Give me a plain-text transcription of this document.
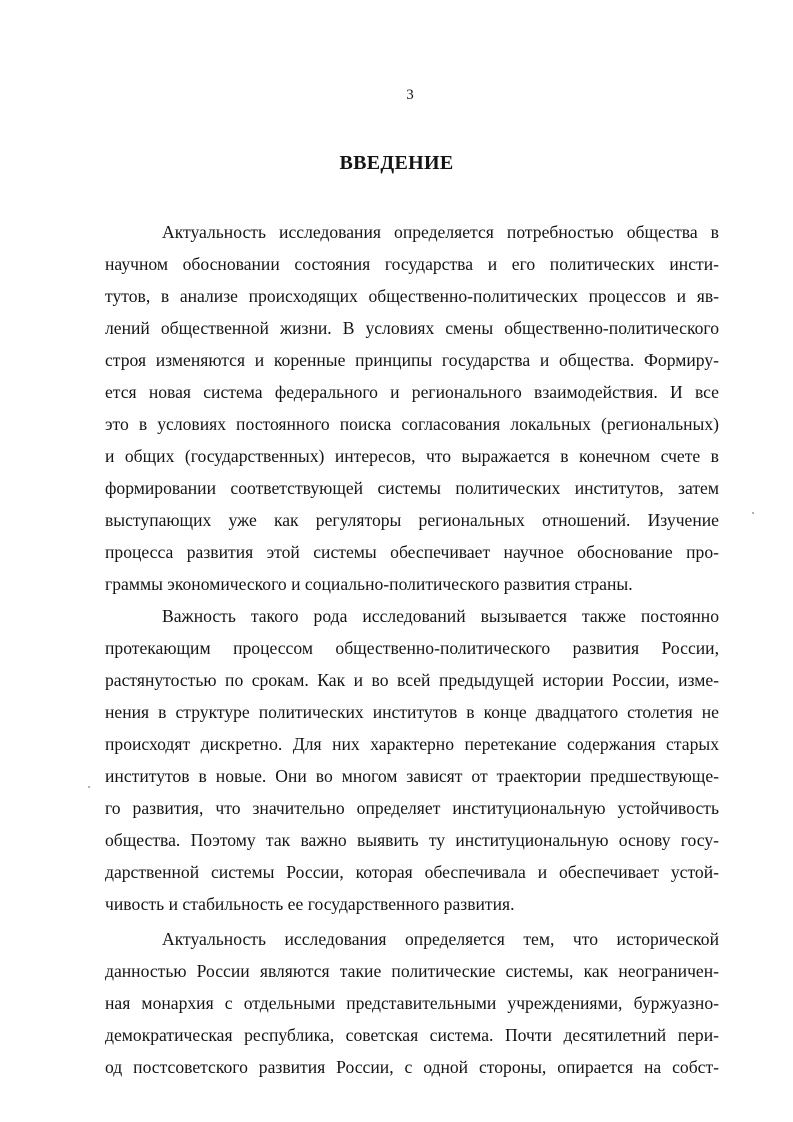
3
ВВЕДЕНИЕ
Актуальность исследования определяется потребностью общества в
научном обосновании состояния государства и его политических инсти-
тутов, в анализе происходящих общественно-политических процессов и яв-
лений общественной жизни. В условиях смены общественно-политического
строя изменяются и коренные принципы государства и общества. Формиру-
ется новая система федерального и регионального взаимодействия. И все
это в условиях постоянного поиска согласования локальных (региональных)
и общих (государственных) интересов, что выражается в конечном счете в
формировании соответствующей системы политических институтов, затем
выступающих уже как регуляторы региональных отношений. Изучение
процесса развития этой системы обеспечивает научное обоснование про-
граммы экономического и социально-политического развития страны.
Важность такого рода исследований вызывается также постоянно
протекающим процессом общественно-политического развития России,
растянутостью по срокам. Как и во всей предыдущей истории России, изме-
нения в структуре политических институтов в конце двадцатого столетия не
происходят дискретно. Для них характерно перетекание содержания старых
институтов в новые. Они во многом зависят от траектории предшествующе-
го развития, что значительно определяет институциональную устойчивость
общества. Поэтому так важно выявить ту институциональную основу госу-
дарственной системы России, которая обеспечивала и обеспечивает устой-
чивость и стабильность ее государственного развития.
Актуальность исследования определяется тем, что исторической
данностью России являются такие политические системы, как неограничен-
ная монархия с отдельными представительными учреждениями, буржуазно-
демократическая республика, советская система. Почти десятилетний пери-
од постсоветского развития России, с одной стороны, опирается на собст-
